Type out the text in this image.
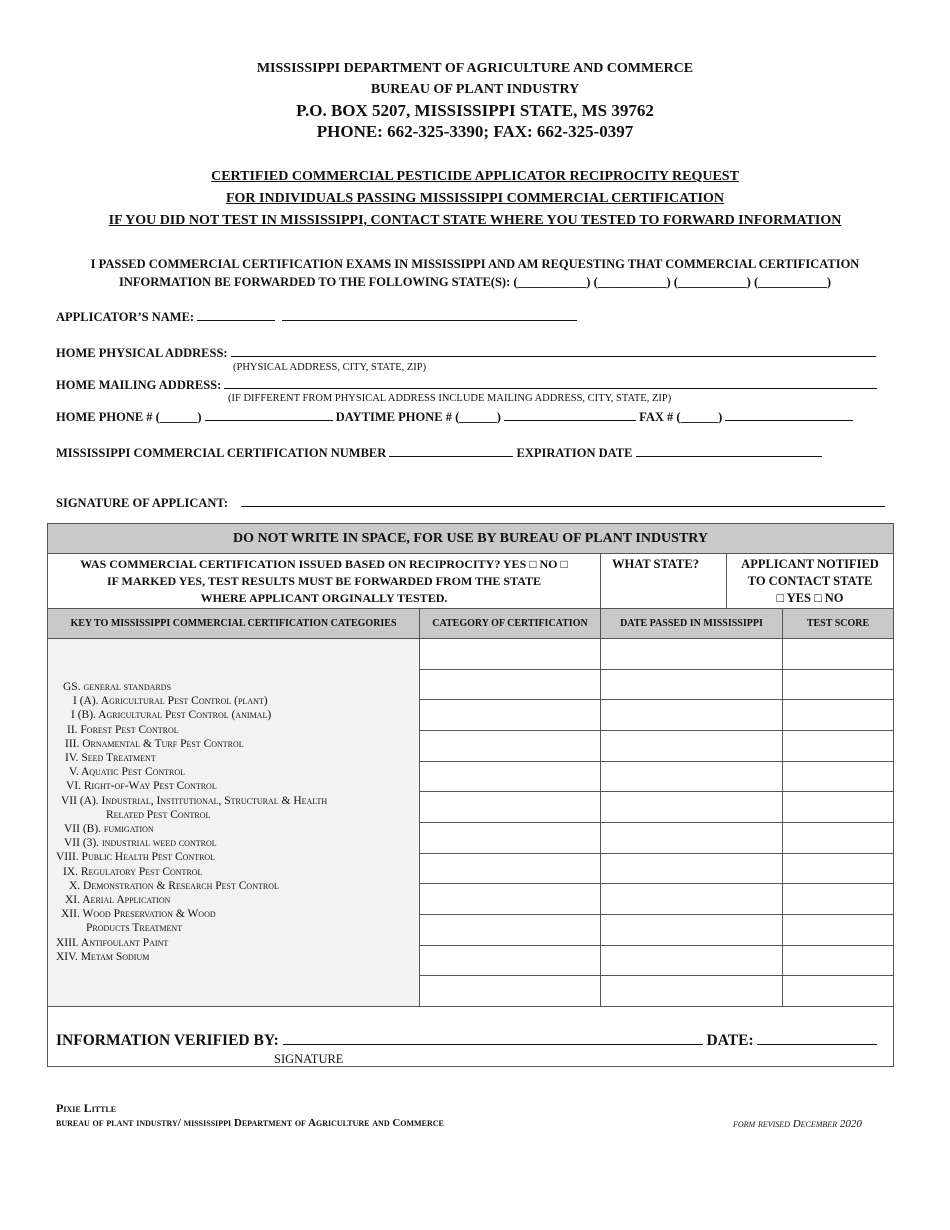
MISSISSIPPI DEPARTMENT OF AGRICULTURE AND COMMERCE
BUREAU OF PLANT INDUSTRY
P.O. BOX 5207, MISSISSIPPI STATE, MS 39762
PHONE: 662-325-3390; FAX: 662-325-0397
CERTIFIED COMMERCIAL PESTICIDE APPLICATOR RECIPROCITY REQUEST
FOR INDIVIDUALS PASSING MISSISSIPPI COMMERCIAL CERTIFICATION
IF YOU DID NOT TEST IN MISSISSIPPI, CONTACT STATE WHERE YOU TESTED TO FORWARD INFORMATION
I PASSED COMMERCIAL CERTIFICATION EXAMS IN MISSISSIPPI AND AM REQUESTING THAT COMMERCIAL CERTIFICATION
INFORMATION BE FORWARDED TO THE FOLLOWING STATE(S): (___________) (___________) (___________) (___________)
APPLICATOR’S NAME:
HOME PHYSICAL ADDRESS:
(PHYSICAL ADDRESS, CITY, STATE, ZIP)
HOME MAILING ADDRESS:
(IF DIFFERENT FROM PHYSICAL ADDRESS INCLUDE MAILING ADDRESS, CITY, STATE, ZIP)
HOME PHONE # (______)	DAYTIME PHONE # (______)	FAX # (______)
MISSISSIPPI COMMERCIAL CERTIFICATION NUMBER	EXPIRATION DATE
SIGNATURE OF APPLICANT:
DO NOT WRITE IN SPACE, FOR USE BY BUREAU OF PLANT INDUSTRY
WAS COMMERCIAL CERTIFICATION ISSUED BASED ON RECIPROCITY? YES □ NO □
IF MARKED YES, TEST RESULTS MUST BE FORWARDED FROM THE STATE
WHERE APPLICANT ORGINALLY TESTED.
WHAT STATE?	APPLICANT NOTIFIED
TO CONTACT STATE
□ YES □ NO
KEY TO MISSISSIPPI COMMERCIAL CERTIFICATION CATEGORIES	CATEGORY OF CERTIFICATION	DATE PASSED IN MISSISSIPPI	TEST SCORE
GS. general standards
I (A). Agricultural Pest Control (plant)
I (B). Agricultural Pest Control (animal)
II. Forest Pest Control
III. Ornamental & Turf Pest Control
IV. Seed Treatment
V. Aquatic Pest Control
VI. Right-of-Way Pest Control
VII (A). Industrial, Institutional, Structural & Health
Related Pest Control
VII (B). fumigation
VII (3). industrial weed control
VIII. Public Health Pest Control
IX. Regulatory Pest Control
X. Demonstration & Research Pest Control
XI. Aerial Application
XII. Wood Preservation & Wood
Products Treatment
XIII. Antifoulant Paint
XIV. Metam Sodium
INFORMATION VERIFIED BY:	DATE:
SIGNATURE
Pixie Little
bureau of plant industry/ mississippi Department of Agriculture and Commerce	form revised December 2020
